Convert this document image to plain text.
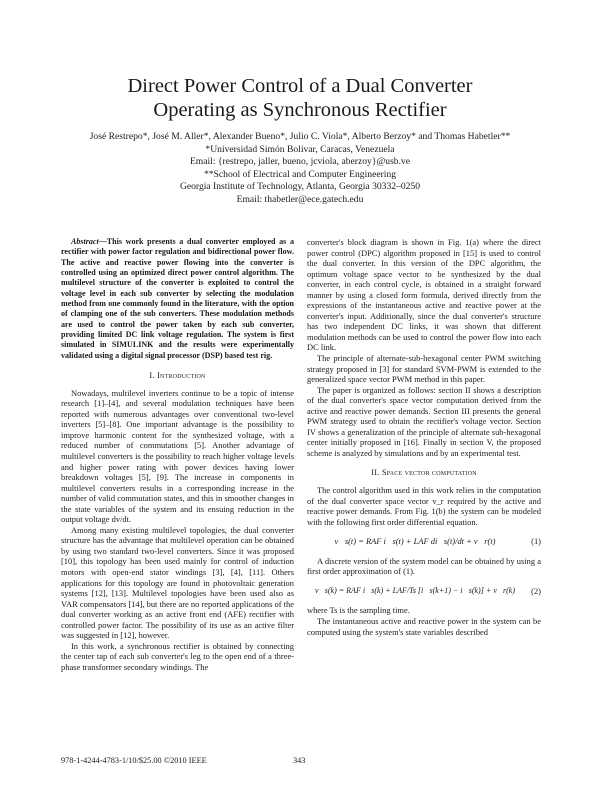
Direct Power Control of a Dual Converter
Operating as Synchronous Rectifier
José Restrepo*, José M. Aller*, Alexander Bueno*, Julio C. Viola*, Alberto Berzoy* and Thomas Habetler**
*Universidad Simón Bolívar, Caracas, Venezuela
Email: {restrepo, jaller, bueno, jcviola, aberzoy}@usb.ve
**School of Electrical and Computer Engineering
Georgia Institute of Technology, Atlanta, Georgia 30332–0250
Email: thabetler@ece.gatech.edu

Abstract—This work presents a dual converter employed as a rectifier with power factor regulation and bidirectional power flow. The active and reactive power flowing into the converter is controlled using an optimized direct power control algorithm. The multilevel structure of the converter is exploited to control the voltage level in each sub converter by selecting the modulation method from one commonly found in the literature, with the option of clamping one of the sub converters. These modulation methods are used to control the power taken by each sub converter, providing limited DC link voltage regulation. The system is first simulated in SIMULINK and the results were experimentally validated using a digital signal processor (DSP) based test rig.

I. Introduction

Nowadays, multilevel inverters continue to be a topic of intense research [1]–[4], and several modulation techniques have been reported with numerous advantages over conventional two-level inverters [5]–[8]. One important advantage is the possibility to improve harmonic content for the synthesized voltage, with a reduced number of commutations [5]. Another advantage of multilevel converters is the possibility to reach higher voltage levels and higher power rating with power devices having lower breakdown voltages [5], [9]. The increase in components in multilevel converters results in a corresponding increase in the number of valid commutation states, and this in smoother changes in the state variables of the system and its ensuing reduction in the output voltage dv/dt.

Among many existing multilevel topologies, the dual converter structure has the advantage that multilevel operation can be obtained by using two standard two-level converters. Since it was proposed [10], this topology has been used mainly for control of induction motors with open-end stator windings [3], [4], [11]. Others applications for this topology are found in photovoltaic generation systems [12], [13]. Multilevel topologies have been used also as VAR compensators [14], but there are no reported applications of the dual converter working as an active front end (AFE) rectifier with controlled power factor. The possibility of its use as an active filter was suggested in [12], however.

In this work, a synchronous rectifier is obtained by connecting the center tap of each sub converter's leg to the open end of a three-phase transformer secondary windings. The

converter's block diagram is shown in Fig. 1(a) where the direct power control (DPC) algorithm proposed in [15] is used to control the dual converter. In this version of the DPC algorithm, the optimum voltage space vector to be synthesized by the dual converter, in each control cycle, is obtained in a straight forward manner by using a closed form formula, derived directly from the expressions of the instantaneous active and reactive power at the converter's input. Additionally, since the dual converter's structure has two independent DC links, it was shown that different modulation methods can be used to control the power flow into each DC link.

The principle of alternate-sub-hexagonal center PWM switching strategy proposed in [3] for standard SVM-PWM is extended to the generalized space vector PWM method in this paper.

The paper is organized as follows: section II shows a description of the dual converter's space vector computation derived from the active and reactive power demands. Section III presents the general PWM strategy used to obtain the rectifier's voltage vector. Section IV shows a generalization of the principle of alternate sub-hexagonal center initially proposed in [16]. Finally in section V, the proposed scheme is analyzed by simulations and by an experimental test.

II. Space vector computation

The control algorithm used in this work relies in the computation of the dual converter space vector v_r required by the active and reactive power demands. From Fig. 1(b) the system can be modeled with the following first order differential equation.

v⃗s(t) = RAF i⃗s(t) + LAF di⃗s(t)/dt + v⃗r(t)	(1)

A discrete version of the system model can be obtained by using a first order approximation of (1).

v⃗s(k) = RAF i⃗s(k) + LAF/Ts [i⃗s(k+1) − i⃗s(k)] + v⃗r(k)	(2)

where Ts is the sampling time.

The instantaneous active and reactive power in the system can be computed using the system's state variables described

978-1-4244-4783-1/10/$25.00 ©2010 IEEE	343
